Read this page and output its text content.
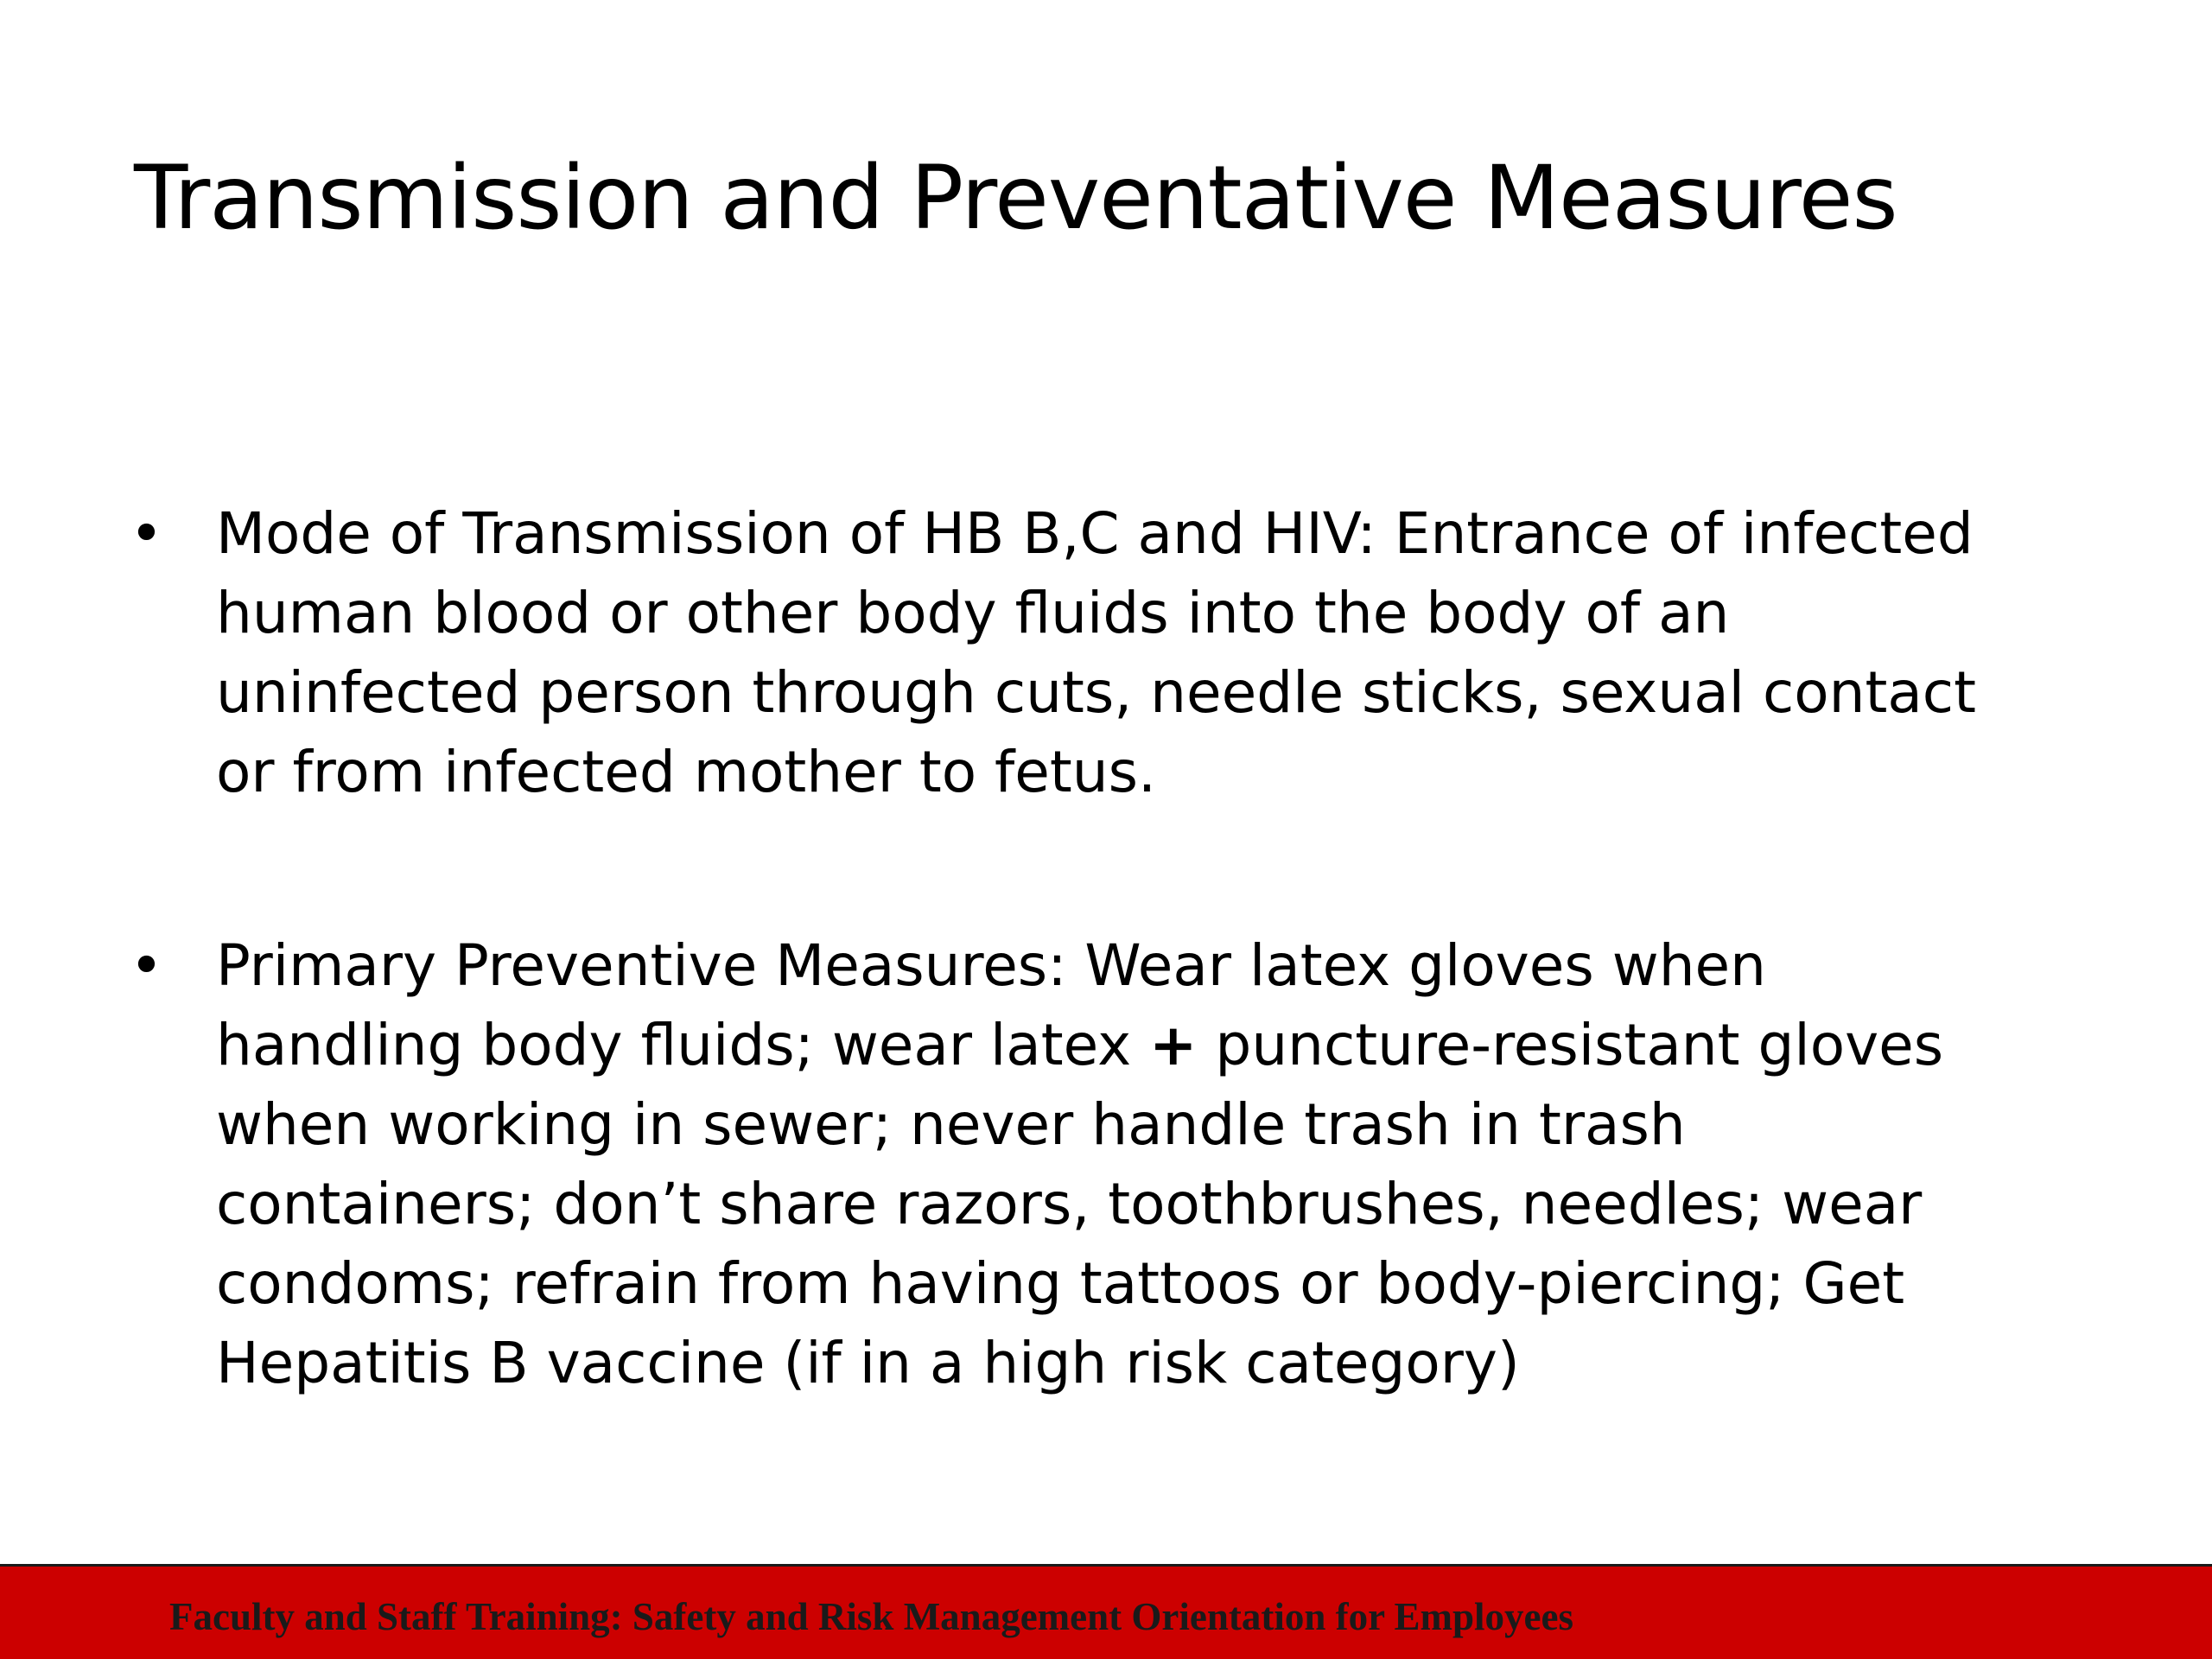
Transmission and Preventative Measures
• Mode of Transmission of HB B,C and HIV: Entrance of infected
human blood or other body fluids into the body of an
uninfected person through cuts, needle sticks, sexual contact
or from infected mother to fetus.
• Primary Preventive Measures: Wear latex gloves when
handling body fluids; wear latex + puncture-resistant gloves
when working in sewer; never handle trash in trash
containers; don’t share razors, toothbrushes, needles; wear
condoms; refrain from having tattoos or body-piercing; Get
Hepatitis B vaccine (if in a high risk category)
Faculty and Staff Training: Safety and Risk Management Orientation for Employees
